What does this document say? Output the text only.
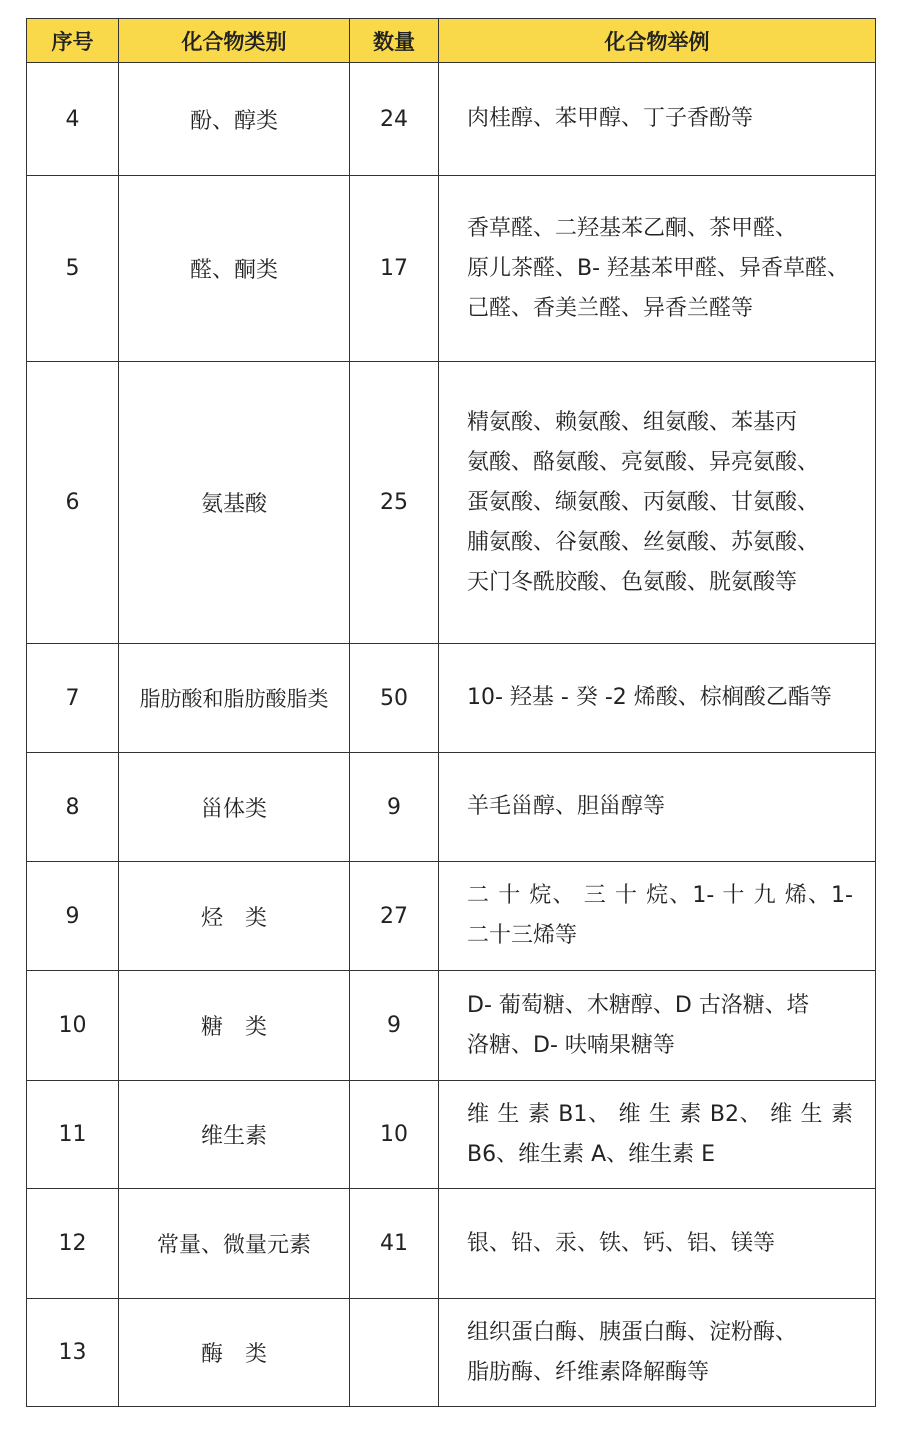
序号	化合物类别	数量	化合物举例
4	酚、醇类	24	肉桂醇、苯甲醇、丁子香酚等

5	醛、酮类	17	香草醛、二羟基苯乙酮、茶甲醛、
原儿茶醛、B- 羟基苯甲醛、异香草醛、
己醛、香美兰醛、异香兰醛等

6	氨基酸	25	精氨酸、赖氨酸、组氨酸、苯基丙
氨酸、酪氨酸、亮氨酸、异亮氨酸、
蛋氨酸、缬氨酸、丙氨酸、甘氨酸、
脯氨酸、谷氨酸、丝氨酸、苏氨酸、
天门冬酰胶酸、色氨酸、胱氨酸等

7	脂肪酸和脂肪酸脂类	50	10- 羟基 - 癸 -2 烯酸、棕榈酸乙酯等

8	甾体类	9	羊毛甾醇、胆甾醇等

9	烃　类	27	二 十 烷、 三 十 烷、1- 十 九 烯、1-
二十三烯等

10	糖　类	9	D- 葡萄糖、木糖醇、D 古洛糖、塔
洛糖、D- 呋喃果糖等

11	维生素	10	维 生 素 B1、 维 生 素 B2、 维 生 素
B6、维生素 A、维生素 E

12	常量、微量元素	41	银、铅、汞、铁、钙、铝、镁等

13	酶　类		组织蛋白酶、胰蛋白酶、淀粉酶、
脂肪酶、纤维素降解酶等
